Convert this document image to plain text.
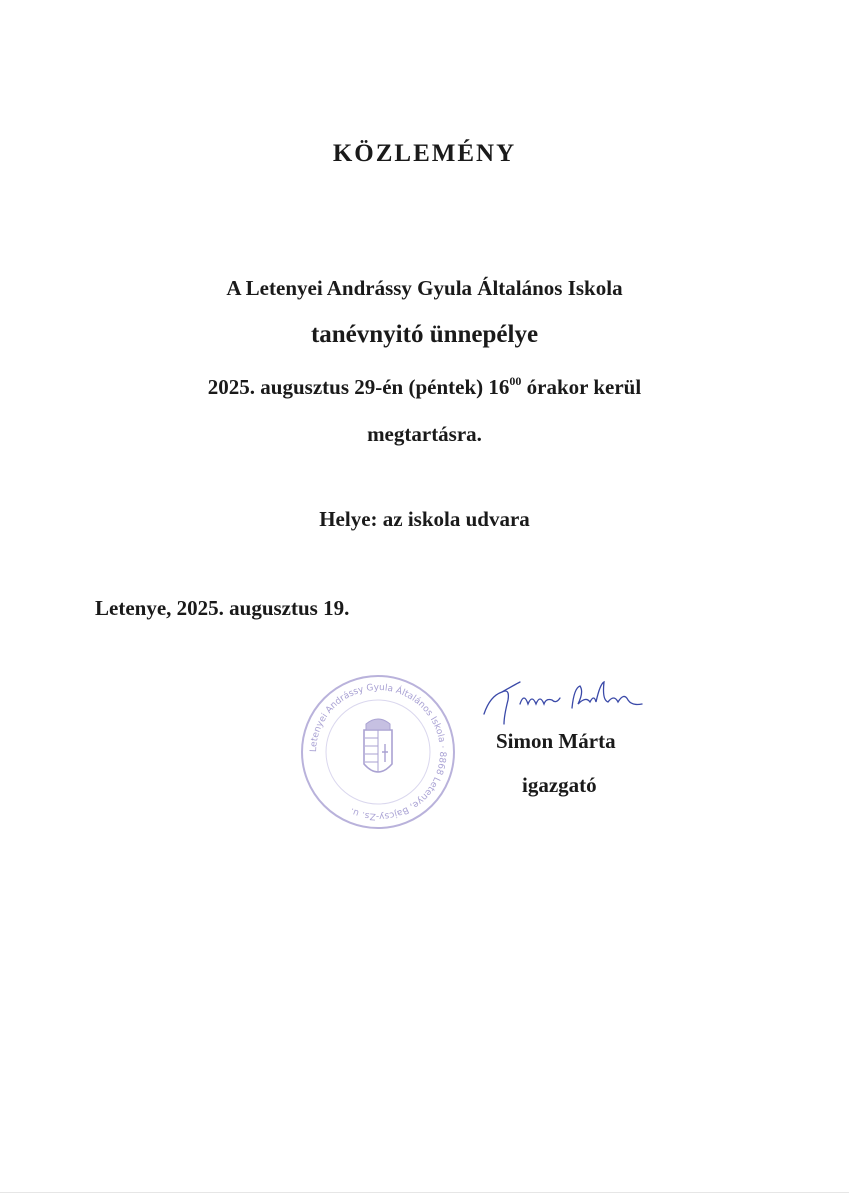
KÖZLEMÉNY
A Letenyei Andrássy Gyula Általános Iskola
tanévnyitó ünnepélye
2025. augusztus 29-én (péntek) $16^{00}$ órakor kerül
megtartásra.
Helye: az iskola udvara
Letenye, 2025. augusztus 19.
Letenyei Andrássy Gyula Általános Iskola · 8868 Letenye, Bajcsy-Zs. u.
Simon Márta
igazgató
